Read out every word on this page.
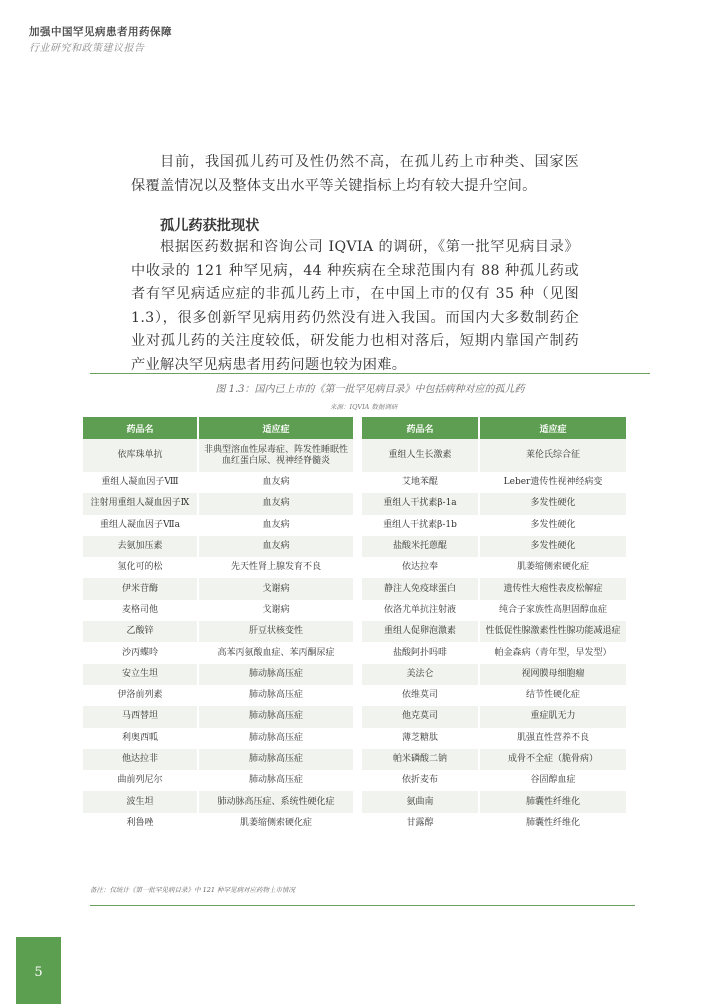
加强中国罕见病患者用药保障
行业研究和政策建议报告
目前，我国孤儿药可及性仍然不高，在孤儿药上市种类、国家医保覆盖情况以及整体支出水平等关键指标上均有较大提升空间。
孤儿药获批现状
根据医药数据和咨询公司 IQVIA 的调研，《第一批罕见病目录》中收录的 121 种罕见病，44 种疾病在全球范围内有 88 种孤儿药或者有罕见病适应症的非孤儿药上市，在中国上市的仅有 35 种（见图 1.3），很多创新罕见病用药仍然没有进入我国。而国内大多数制药企业对孤儿药的关注度较低，研发能力也相对落后，短期内靠国产制药产业解决罕见病患者用药问题也较为困难。
图 1.3：国内已上市的《第一批罕见病目录》中包括病种对应的孤儿药
来源：IQVIA 数据调研
药品名	适应症
依库珠单抗	非典型溶血性尿毒症、阵发性睡眠性血红蛋白尿、视神经脊髓炎
重组人凝血因子Ⅷ	血友病
注射用重组人凝血因子Ⅸ	血友病
重组人凝血因子Ⅶa	血友病
去氨加压素	血友病
氢化可的松	先天性肾上腺发育不良
伊米苷酶	戈谢病
麦格司他	戈谢病
乙酸锌	肝豆状核变性
沙丙蝶呤	高苯丙氨酸血症、苯丙酮尿症
安立生坦	肺动脉高压症
伊洛前列素	肺动脉高压症
马西替坦	肺动脉高压症
利奥西呱	肺动脉高压症
他达拉非	肺动脉高压症
曲前列尼尔	肺动脉高压症
波生坦	肺动脉高压症、系统性硬化症
利鲁唑	肌萎缩侧索硬化症
药品名	适应症
重组人生长激素	莱伦氏综合征
艾地苯醌	Leber遗传性视神经病变
重组人干扰素β-1a	多发性硬化
重组人干扰素β-1b	多发性硬化
盐酸米托蒽醌	多发性硬化
依达拉奉	肌萎缩侧索硬化症
静注人免疫球蛋白	遗传性大疱性表皮松解症
依洛尤单抗注射液	纯合子家族性高胆固醇血症
重组人促卵泡激素	性低促性腺激素性性腺功能减退症
盐酸阿扑吗啡	帕金森病（青年型，早发型）
美法仑	视网膜母细胞瘤
依维莫司	结节性硬化症
他克莫司	重症肌无力
薄芝糖肽	肌强直性营养不良
帕米磷酸二钠	成骨不全症（脆骨病）
依折麦布	谷固醇血症
氨曲南	肺囊性纤维化
甘露醇	肺囊性纤维化
备注：仅统计《第一批罕见病目录》中 121 种罕见病对应药物上市情况
5
